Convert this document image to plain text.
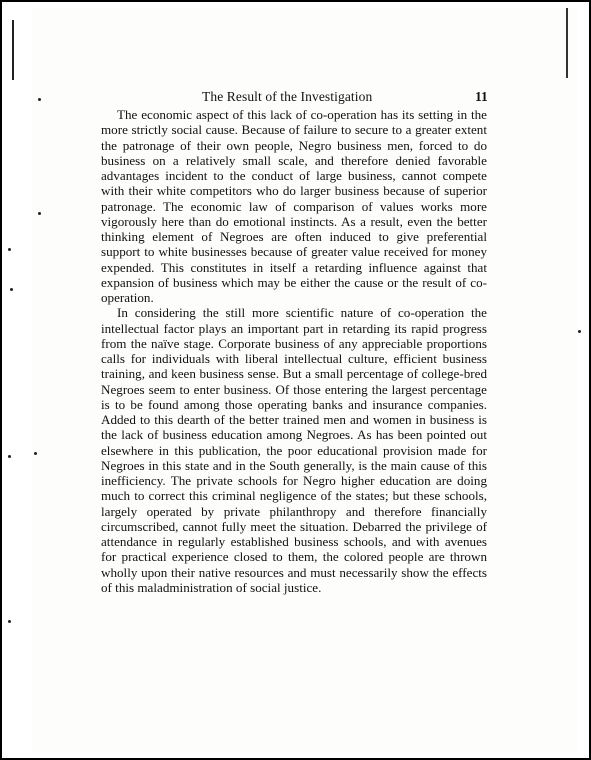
The Result of the Investigation	11

The economic aspect of this lack of co-operation has its setting in the more strictly social cause. Because of failure to secure to a greater extent the patronage of their own people, Negro business men, forced to do business on a relatively small scale, and therefore denied favorable advantages incident to the conduct of large business, cannot compete with their white competitors who do larger business because of superior patronage. The economic law of comparison of values works more vigorously here than do emotional instincts. As a result, even the better thinking element of Negroes are often induced to give preferential support to white businesses because of greater value received for money expended. This constitutes in itself a retarding influence against that expansion of business which may be either the cause or the result of co-operation.

In considering the still more scientific nature of co-operation the intellectual factor plays an important part in retarding its rapid progress from the naïve stage. Corporate business of any appreciable proportions calls for individuals with liberal intellectual culture, efficient business training, and keen business sense. But a small percentage of college-bred Negroes seem to enter business. Of those entering the largest percentage is to be found among those operating banks and insurance companies. Added to this dearth of the better trained men and women in business is the lack of business education among Negroes. As has been pointed out elsewhere in this publication, the poor educational provision made for Negroes in this state and in the South generally, is the main cause of this inefficiency. The private schools for Negro higher education are doing much to correct this criminal negligence of the states; but these schools, largely operated by private philanthropy and therefore financially circumscribed, cannot fully meet the situation. Debarred the privilege of attendance in regularly established business schools, and with avenues for practical experience closed to them, the colored people are thrown wholly upon their native resources and must necessarily show the effects of this maladministration of social justice.
